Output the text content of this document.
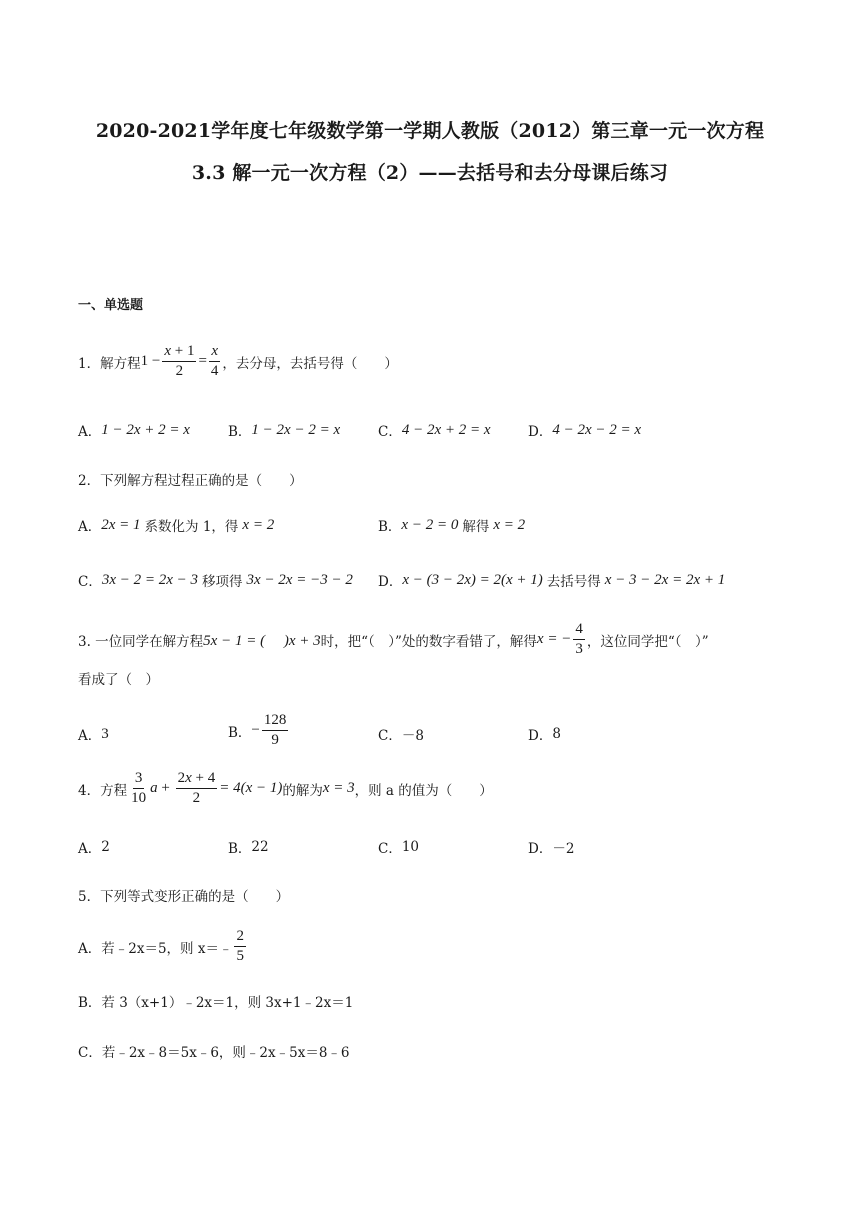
2020-2021学年度七年级数学第一学期人教版（2012）第三章一元一次方程
3.3 解一元一次方程（2）——去括号和去分母课后练习
一、单选题
1．解方程 $1 - \frac{x + 1}{2} = \frac{x}{4}$ ，去分母，去括号得（　　）
A． 1 − 2x + 2 = x	B． 1 − 2x − 2 = x	C． 4 − 2x + 2 = x	D． 4 − 2x − 2 = x
2．下列解方程过程正确的是（　　）
A． 2x = 1 系数化为 1，得 x = 2	B． x − 2 = 0 解得 x = 2
C． 3x − 2 = 2x − 3 移项得 3x − 2x = −3 − 2 D． x − (3 − 2x) = 2(x + 1) 去括号得 x − 3 − 2x = 2x + 1
3. 一位同学在解方程 5x − 1 = (　 )x + 3 时，把“（　）”处的数字看错了，解得 x = − $\frac{4}{3}$ ，这位同学把“（　）”
看成了（　）
A． 3	B． − $\frac{128}{9}$	C． －8	D． 8
4．方程 $\frac{3}{10}$ $a + \frac{2x + 4}{2} = 4(x - 1)$ 的解为 x = 3 ，则 a 的值为（　　）
A． 2	B． 22	C． 10	D． －2
5．下列等式变形正确的是（　　）
A．若﹣2x＝5，则 x＝﹣ $\frac{2}{5}$
B．若 3（x+1）﹣2x＝1，则 3x+1﹣2x＝1
C．若﹣2x﹣8＝5x﹣6，则﹣2x﹣5x＝8﹣6
